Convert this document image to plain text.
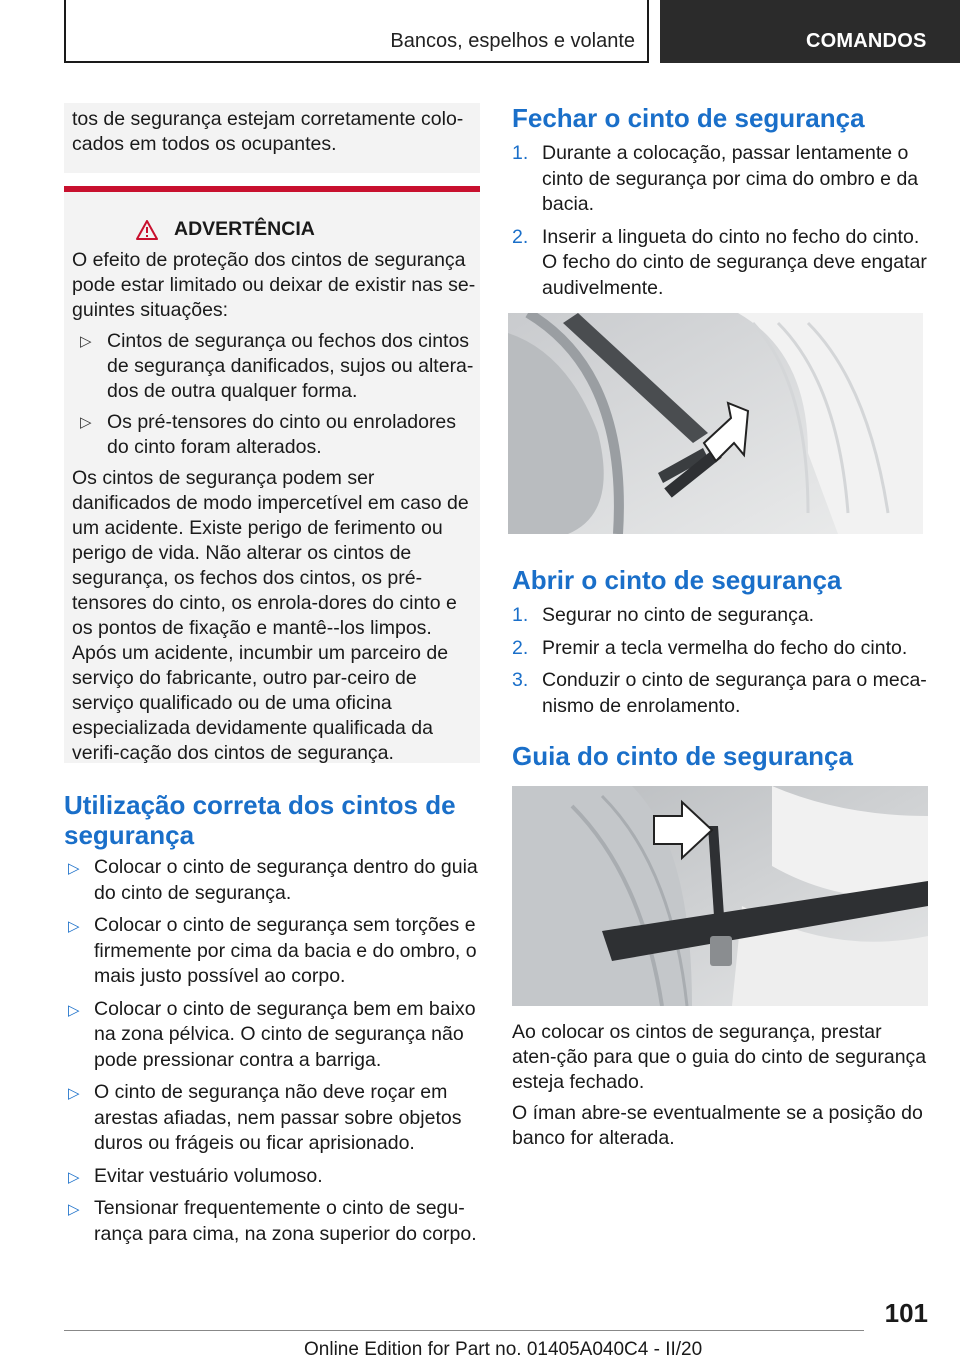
Bancos, espelhos e volante	COMANDOS

tos de segurança estejam corretamente colo-cados em todos os ocupantes.

ADVERTÊNCIA

O efeito de proteção dos cintos de segurança pode estar limitado ou deixar de existir nas se-guintes situações:

▷ Cintos de segurança ou fechos dos cintos de segurança danificados, sujos ou altera-dos de outra qualquer forma.
▷ Os pré-tensores do cinto ou enroladores do cinto foram alterados.

Os cintos de segurança podem ser danificados de modo impercetível em caso de um acidente. Existe perigo de ferimento ou perigo de vida. Não alterar os cintos de segurança, os fechos dos cintos, os pré-tensores do cinto, os enrola-dores do cinto e os pontos de fixação e mantê--los limpos. Após um acidente, incumbir um parceiro de serviço do fabricante, outro par-ceiro de serviço qualificado ou de uma oficina especializada devidamente qualificada da verifi-cação dos cintos de segurança.

Utilização correta dos cintos de segurança
▷ Colocar o cinto de segurança dentro do guia do cinto de segurança.
▷ Colocar o cinto de segurança sem torções e firmemente por cima da bacia e do ombro, o mais justo possível ao corpo.
▷ Colocar o cinto de segurança bem em baixo na zona pélvica. O cinto de segurança não pode pressionar contra a barriga.
▷ O cinto de segurança não deve roçar em arestas afiadas, nem passar sobre objetos duros ou frágeis ou ficar aprisionado.
▷ Evitar vestuário volumoso.
▷ Tensionar frequentemente o cinto de segu-rança para cima, na zona superior do corpo.
Fechar o cinto de segurança
1. Durante a colocação, passar lentamente o cinto de segurança por cima do ombro e da bacia.
2. Inserir a lingueta do cinto no fecho do cinto. O fecho do cinto de segurança deve engatar audivelmente.
Abrir o cinto de segurança
1. Segurar no cinto de segurança.
2. Premir a tecla vermelha do fecho do cinto.
3. Conduzir o cinto de segurança para o meca-nismo de enrolamento.
Guia do cinto de segurança

Ao colocar os cintos de segurança, prestar aten-ção para que o guia do cinto de segurança esteja fechado.

O íman abre-se eventualmente se a posição do banco for alterada.

101
Online Edition for Part no. 01405A040C4 - II/20
